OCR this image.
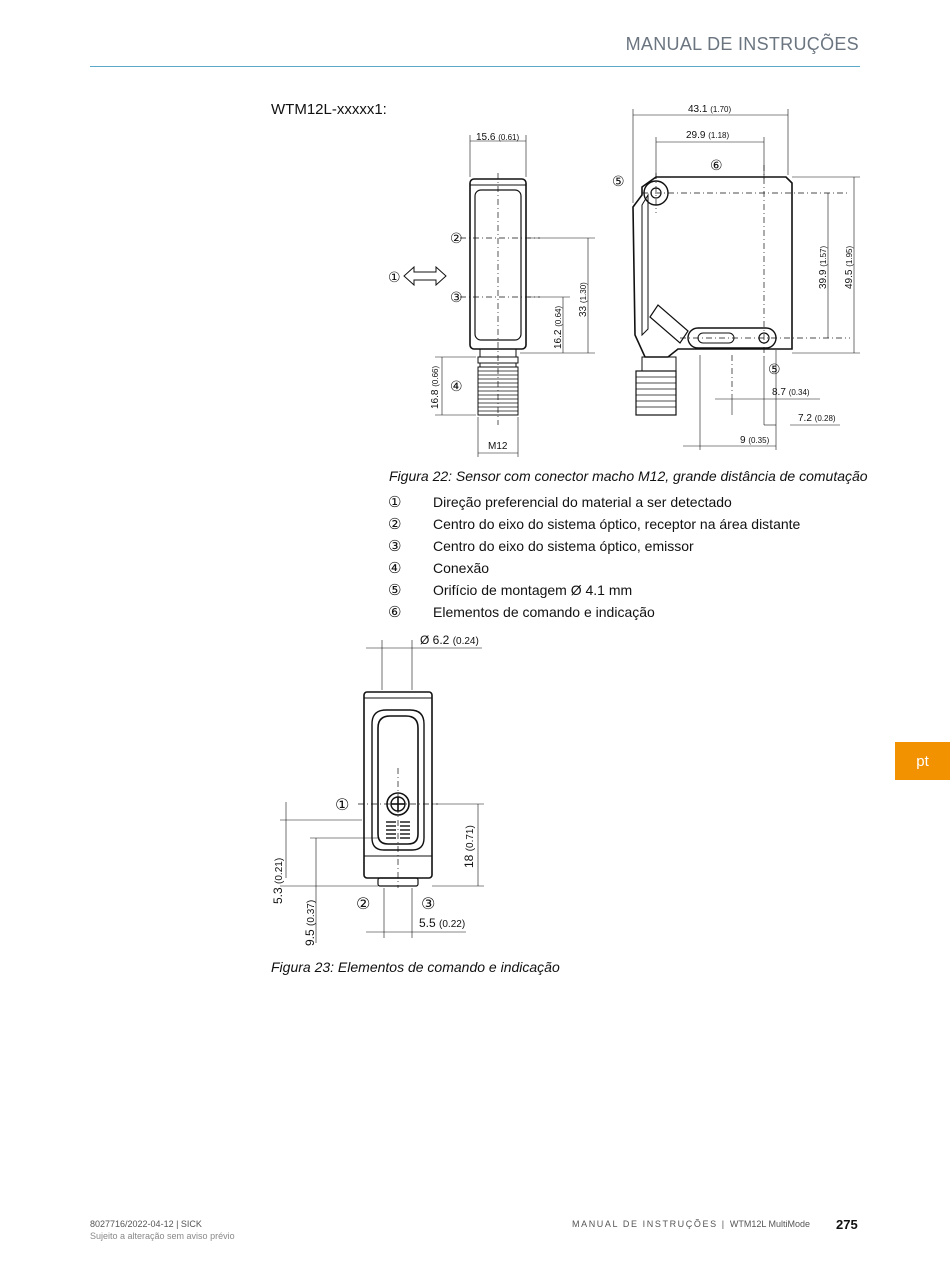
MANUAL DE INSTRUÇÕES
WTM12L-xxxxx1:
15.6 (0.61)
43.1 (1.70)
29.9 (1.18)
33 (1.30)
16.2 (0.64)
16.8 (0.66)
M12
39.9 (1.57)
49.5 (1.95)
8.7 (0.34)
7.2 (0.28)
9 (0.35)
①
②
③
④
⑤
⑥
⑤
Figura 22: Sensor com conector macho M12, grande distância de comutação
①	Direção preferencial do material a ser detectado
②	Centro do eixo do sistema óptico, receptor na área distante
③	Centro do eixo do sistema óptico, emissor
④	Conexão
⑤	Orifício de montagem Ø 4.1 mm
⑥	Elementos de comando e indicação
Ø 6.2 (0.24)
18 (0.71)
5.3 (0.21)
9.5 (0.37)	5.5 (0.22)
①
②	③
Figura 23: Elementos de comando e indicação
pt
8027716/2022-04-12 | SICK
Sujeito a alteração sem aviso prévio
MANUAL DE INSTRUÇÕES | WTM12L MultiMode 275
